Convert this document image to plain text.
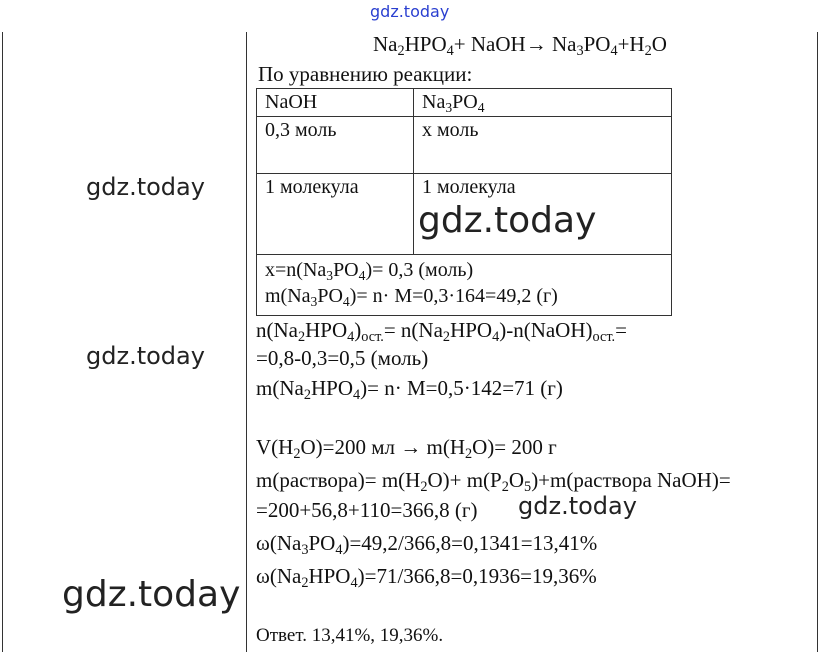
gdz.today
gdz.today
gdz.today
gdz.today
$Na_2HPO_4+$ NaOH→ $Na_3PO_4+H_2O$
По уравнению реакции:
NaOH	$Na_3PO_4$
0,3 моль	x моль
1 молекула	1 молекула

$x=n(Na_3PO_4)= 0,3$ (моль)
$m(Na_3PO_4)= n\cdot M=0,3\cdot 164=49,2$ (г)	
gdz.today
$n(Na_2HPO_4)_{ост.}=$ $n(Na_2HPO_4)-n(NaOH)_{ост.}=$
=0,8-0,3=0,5 (моль)
$m(Na_2HPO_4)= n\cdot M=0,5\cdot 142=71$ (г)
$V(H_2O)=200$ мл → $m(H_2O)= 200$ г
m(раствора)= $m(H_2O)+$ $m(P_2O_5)+m(раствора$ NaOH)=
=200+56,8+110=366,8 (г) gdz.today
$\omega(Na_3PO_4)=49,2/366,8=0,1341=13,41\%$
$\omega(Na_2HPO_4)=71/366,8=0,1936=19,36\%$
Ответ. 13,41%, 19,36%.
